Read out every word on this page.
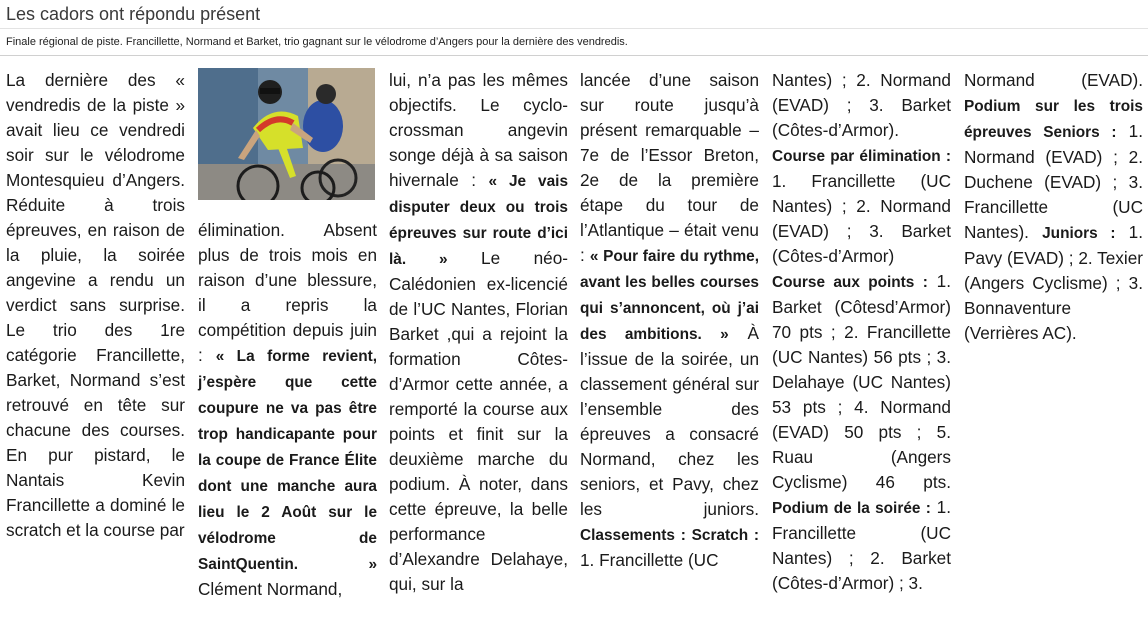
Les cadors ont répondu présent
Finale régional de piste. Francillette, Normand et Barket, trio gagnant sur le vélodrome d’Angers pour la dernière des vendredis.

La dernière des « vendredis de la piste » avait lieu ce vendredi soir sur le vélodrome Montesquieu d’Angers. Réduite à trois épreuves, en raison de la pluie, la soirée angevine a rendu un verdict sans surprise. Le trio des 1re catégorie Francillette, Barket, Normand s’est retrouvé en tête sur chacune des courses. En pur pistard, le Nantais Kevin Francillette a dominé le scratch et la course par

élimination. Absent plus de trois mois en raison d’une blessure, il a repris la compétition depuis juin : « La forme revient, j’espère que cette coupure ne va pas être trop handicapante pour la coupe de France Élite dont une manche aura lieu le 2 Août sur le vélodrome de SaintQuentin. » Clément Normand,

lui, n’a pas les mêmes objectifs. Le cyclo-crossman angevin songe déjà à sa saison hivernale : « Je vais disputer deux ou trois épreuves sur route d’ici là. » Le néo-Calédonien ex-licencié de l’UC Nantes, Florian Barket ,qui a rejoint la formation Côtes-d’Armor cette année, a remporté la course aux points et finit sur la deuxième marche du podium. À noter, dans cette épreuve, la belle performance d’Alexandre Delahaye, qui, sur la

lancée d’une saison sur route jusqu’à présent remarquable – 7e de l’Essor Breton, 2e de la première étape du tour de l’Atlantique – était venu : « Pour faire du rythme, avant les belles courses qui s’annoncent, où j’ai des ambitions. » À l’issue de la soirée, un classement général sur l’ensemble des épreuves a consacré Normand, chez les seniors, et Pavy, chez les juniors. Classements : Scratch : 1. Francillette (UC

Nantes) ; 2. Normand (EVAD) ; 3. Barket (Côtes-d’Armor). Course par élimination : 1. Francillette (UC Nantes) ; 2. Normand (EVAD) ; 3. Barket (Côtes-d’Armor) Course aux points : 1. Barket (Côtesd’Armor) 70 pts ; 2. Francillette (UC Nantes) 56 pts ; 3. Delahaye (UC Nantes) 53 pts ; 4. Normand (EVAD) 50 pts ; 5. Ruau (Angers Cyclisme) 46 pts. Podium de la soirée : 1. Francillette (UC Nantes) ; 2. Barket (Côtes-d’Armor) ; 3.

Normand (EVAD). Podium sur les trois épreuves Seniors : 1. Normand (EVAD) ; 2. Duchene (EVAD) ; 3. Francillette (UC Nantes). Juniors : 1. Pavy (EVAD) ; 2. Texier (Angers Cyclisme) ; 3. Bonnaventure (Verrières AC).
